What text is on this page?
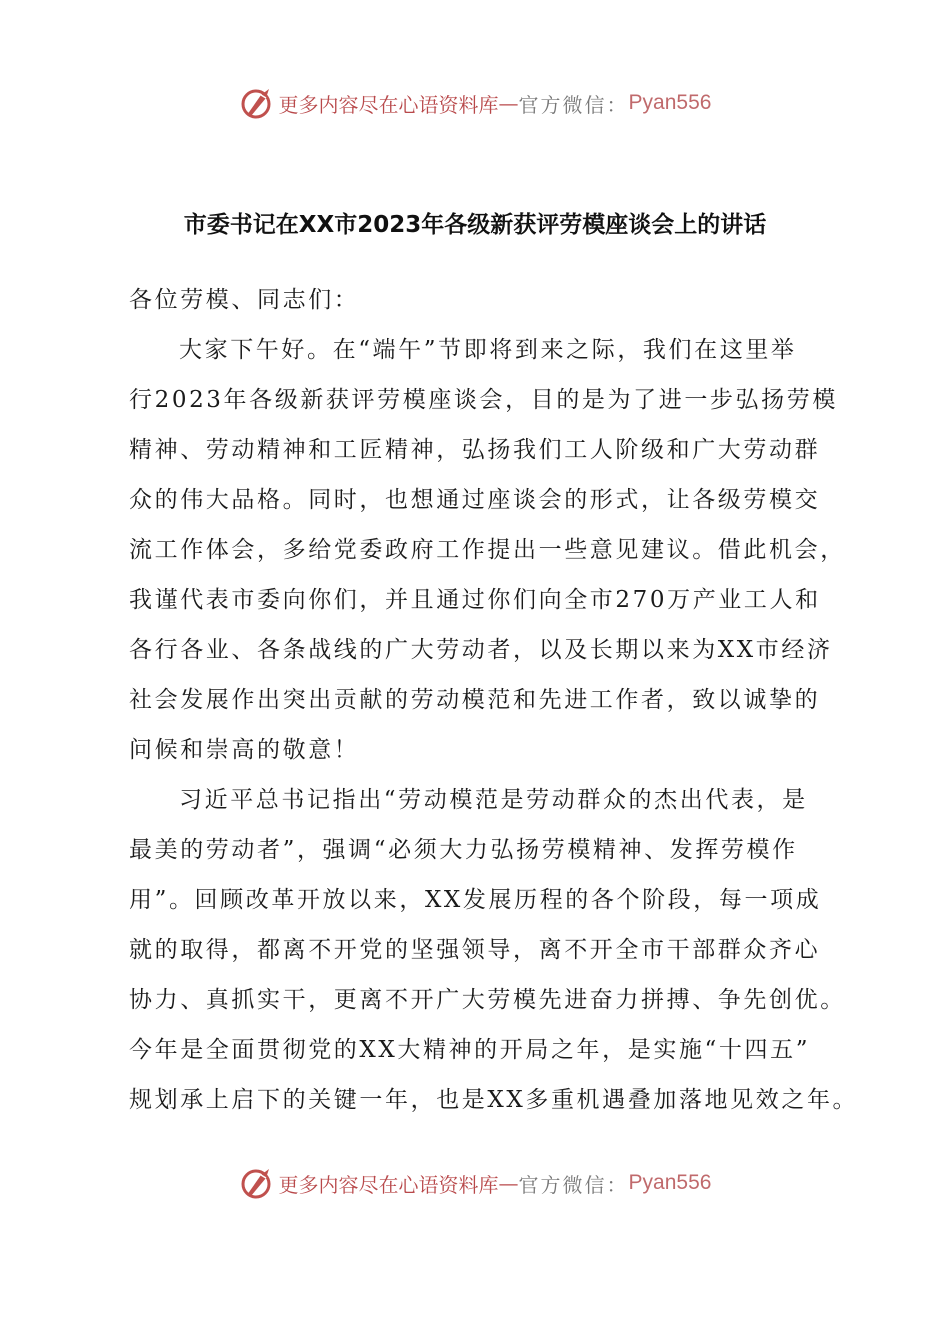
更多内容尽在心语资料库 — 官方微信： Pyan556
市委书记在XX市2023年各级新获评劳模座谈会上的讲话
各位劳模、同志们：
大家下午好。在“端午”节即将到来之际，我们在这里举
行2023年各级新获评劳模座谈会，目的是为了进一步弘扬劳模
精神、劳动精神和工匠精神，弘扬我们工人阶级和广大劳动群
众的伟大品格。同时，也想通过座谈会的形式，让各级劳模交
流工作体会，多给党委政府工作提出一些意见建议。借此机会，
我谨代表市委向你们，并且通过你们向全市270万产业工人和
各行各业、各条战线的广大劳动者，以及长期以来为XX市经济
社会发展作出突出贡献的劳动模范和先进工作者，致以诚挚的
问候和崇高的敬意！
习近平总书记指出“劳动模范是劳动群众的杰出代表，是
最美的劳动者”，强调“必须大力弘扬劳模精神、发挥劳模作
用”。回顾改革开放以来，XX发展历程的各个阶段，每一项成
就的取得，都离不开党的坚强领导，离不开全市干部群众齐心
协力、真抓实干，更离不开广大劳模先进奋力拼搏、争先创优。
今年是全面贯彻党的XX大精神的开局之年，是实施“十四五”
规划承上启下的关键一年，也是XX多重机遇叠加落地见效之年。
更多内容尽在心语资料库 — 官方微信： Pyan556
